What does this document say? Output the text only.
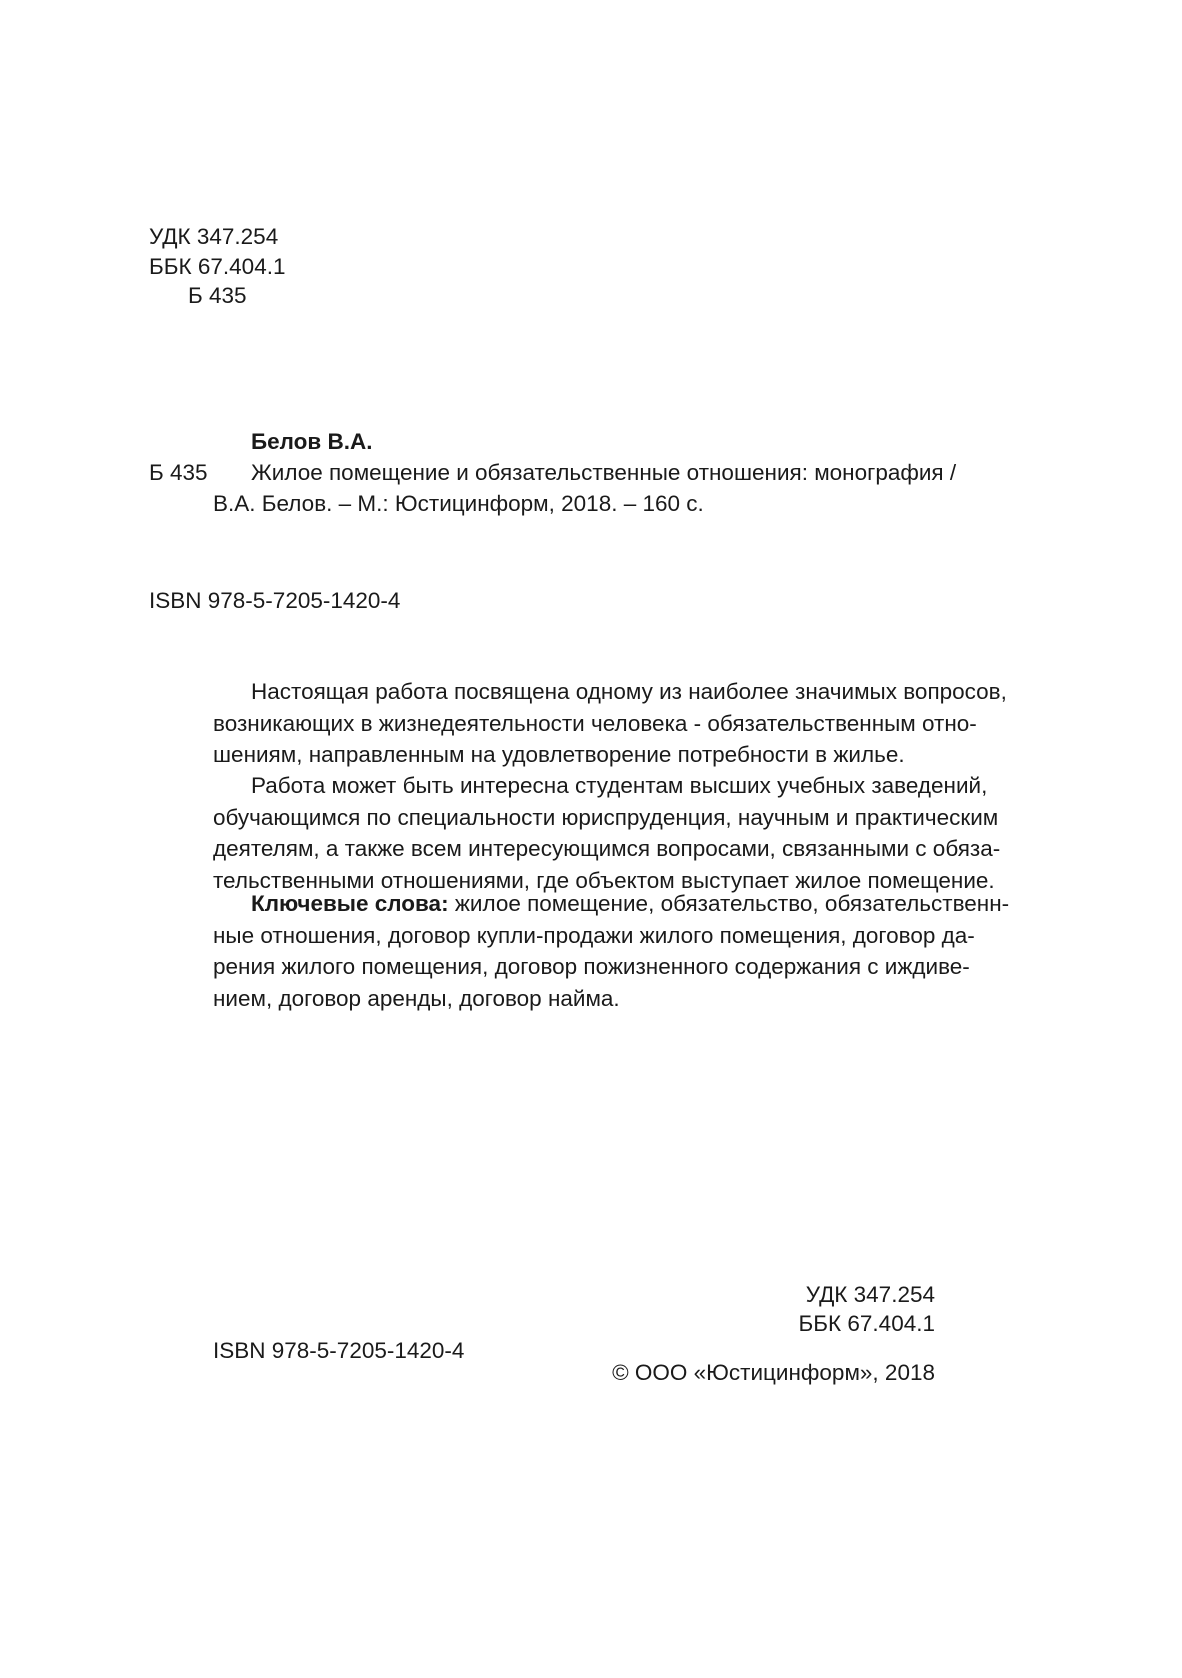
УДК 347.254
ББК 67.404.1
Б 435
Белов В.А.
Б 435 Жилое помещение и обязательственные отношения: монография /
В.А. Белов. – М.: Юстицинформ, 2018. – 160 с.
ISBN 978-5-7205-1420-4
Настоящая работа посвящена одному из наиболее значимых вопросов,
возникающих в жизнедеятельности человека - обязательственным отно-
шениям, направленным на удовлетворение потребности в жилье.
Работа может быть интересна студентам высших учебных заведений,
обучающимся по специальности юриспруденция, научным и практическим
деятелям, а также всем интересующимся вопросами, связанными с обяза-
тельственными отношениями, где объектом выступает жилое помещение.
Ключевые слова: жилое помещение, обязательство, обязательственн-
ные отношения, договор купли-продажи жилого помещения, договор да-
рения жилого помещения, договор пожизненного содержания с иждиве-
нием, договор аренды, договор найма.
УДК 347.254
ББК 67.404.1
ISBN 978-5-7205-1420-4
© ООО «Юстицинформ», 2018
